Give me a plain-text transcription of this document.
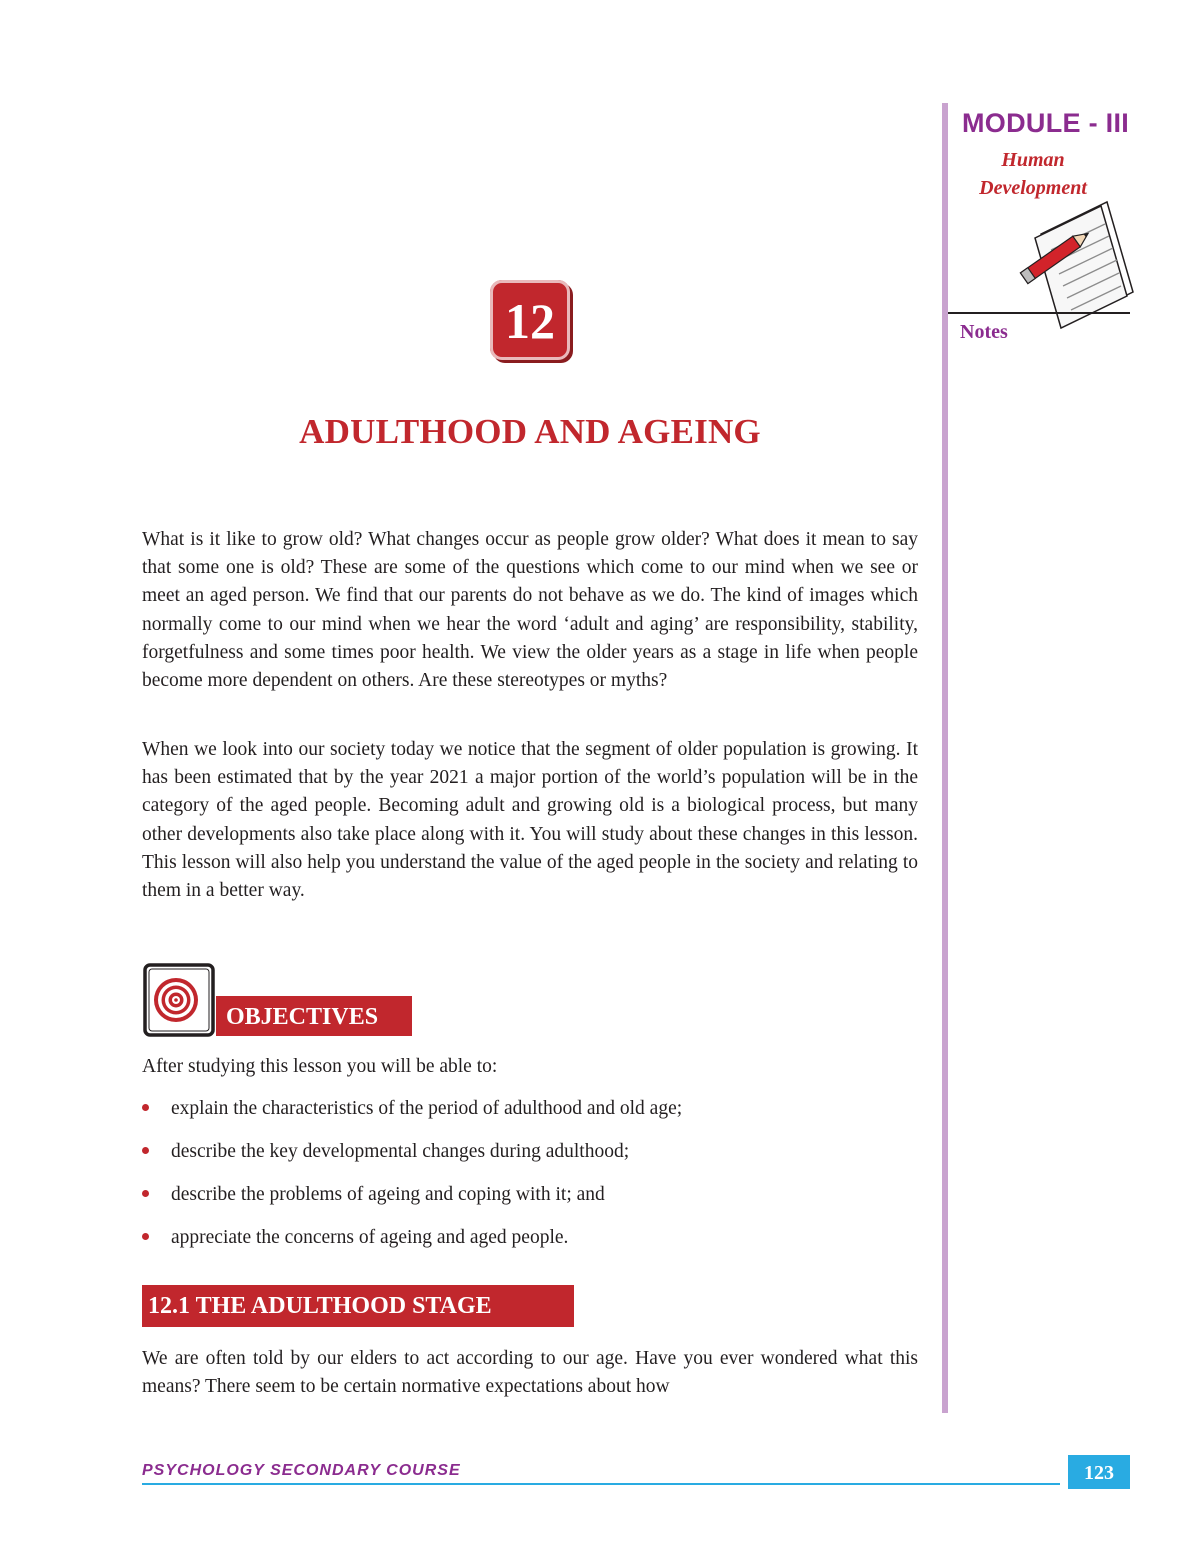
MODULE - III
Human
Development
Notes
12
ADULTHOOD AND AGEING
What is it like to grow old? What changes occur as people grow older? What does it mean to say that some one is old? These are some of the questions which come to our mind when we see or meet an aged person. We find that our parents do not behave as we do. The kind of images which normally come to our mind when we hear the word ‘adult and aging’ are responsibility, stability, forgetfulness and some times poor health. We view the older years as a stage in life when people become more dependent on others. Are these stereotypes or myths?
When we look into our society today we notice that the segment of older population is growing. It has been estimated that by the year 2021 a major portion of the world’s population will be in the category of the aged people. Becoming adult and growing old is a biological process, but many other developments also take place along with it. You will study about these changes in this lesson. This lesson will also help you understand the value of the aged people in the society and relating to them in a better way.
OBJECTIVES
After studying this lesson you will be able to:
explain the characteristics of the period of adulthood and old age;
describe the key developmental changes during adulthood;
describe the problems of ageing and coping with it; and
appreciate the concerns of ageing and aged people.
12.1 THE ADULTHOOD STAGE
We are often told by our elders to act according to our age. Have you ever wondered what this means? There seem to be certain normative expectations about how
PSYCHOLOGY SECONDARY COURSE	123
